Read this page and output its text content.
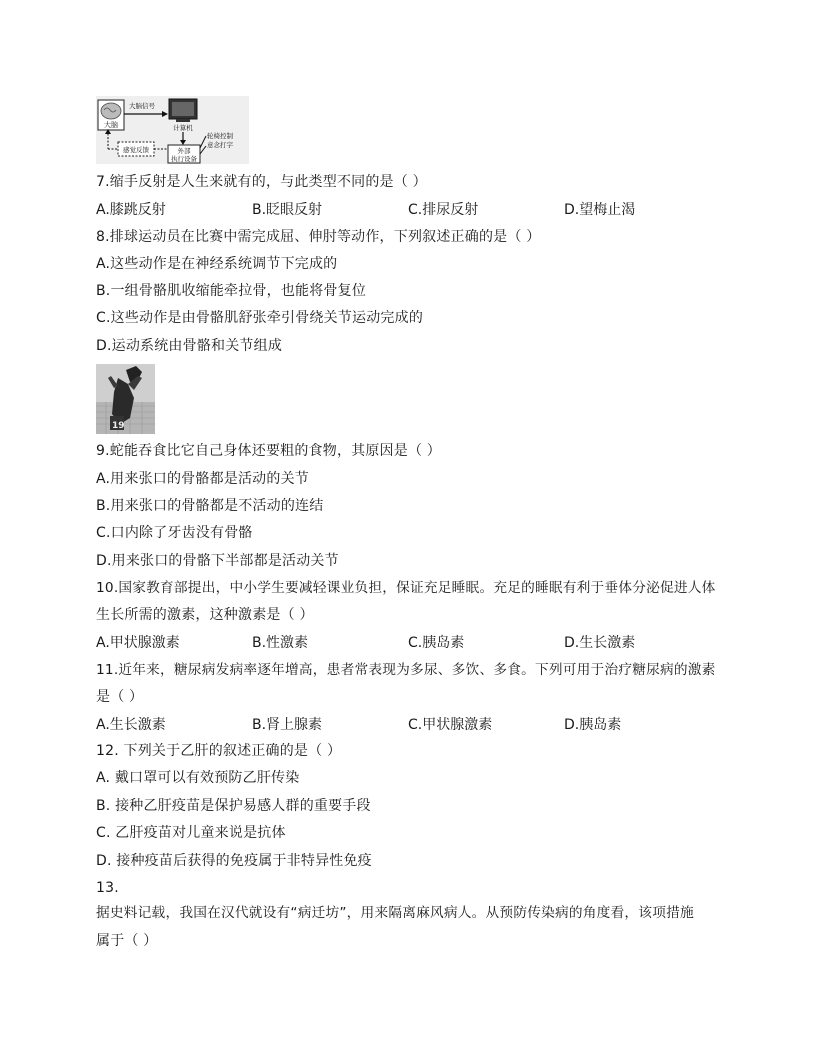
大脑
大脑信号
计算机
外部
执行设备
轮椅控制
意念打字
感觉反馈
7.缩手反射是人生来就有的，与此类型不同的是（ ）
A.膝跳反射	B.眨眼反射	C.排尿反射	D.望梅止渴
8.排球运动员在比赛中需完成屈、伸肘等动作，下列叙述正确的是（ ）
A.这些动作是在神经系统调节下完成的
B.一组骨骼肌收缩能牵拉骨，也能将骨复位
C.这些动作是由骨骼肌舒张牵引骨绕关节运动完成的
D.运动系统由骨骼和关节组成
19
9.蛇能吞食比它自己身体还要粗的食物，其原因是（ ）
A.用来张口的骨骼都是活动的关节
B.用来张口的骨骼都是不活动的连结
C.口内除了牙齿没有骨骼
D.用来张口的骨骼下半部都是活动关节
10.国家教育部提出，中小学生要减轻课业负担，保证充足睡眠。充足的睡眠有利于垂体分泌促进人体
生长所需的激素，这种激素是（ ）
A.甲状腺激素	B.性激素	C.胰岛素	D.生长激素
11.近年来，糖尿病发病率逐年增高，患者常表现为多尿、多饮、多食。下列可用于治疗糖尿病的激素
是（ ）
A.生长激素	B.肾上腺素	C.甲状腺激素	D.胰岛素
12. 下列关于乙肝的叙述正确的是（ ）
A. 戴口罩可以有效预防乙肝传染
B. 接种乙肝疫苗是保护易感人群的重要手段
C. 乙肝疫苗对儿童来说是抗体
D. 接种疫苗后获得的免疫属于非特异性免疫
13.
据史料记载，我国在汉代就设有“病迁坊”，用来隔离麻风病人。从预防传染病的角度看，该项措施
属于（ ）
